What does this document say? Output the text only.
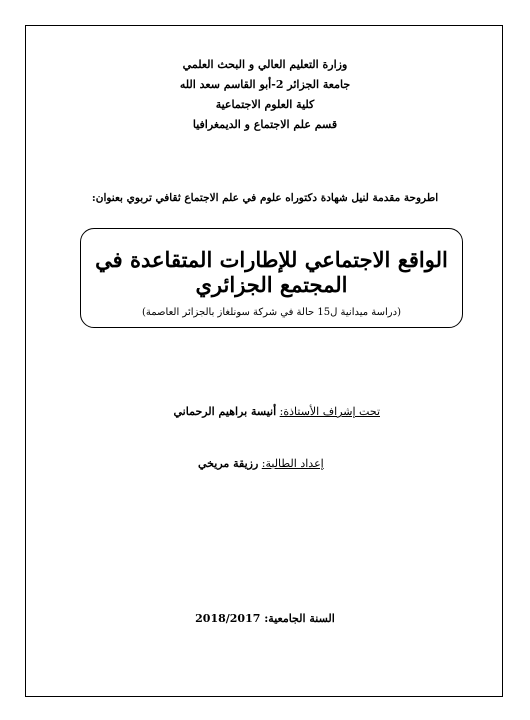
وزارة التعليم العالي و البحث العلمي
جامعة الجزائر 2-أبو القاسم سعد الله
كلية العلوم الاجتماعية
قسم علم الاجتماع و الديمغرافيا
اطروحة مقدمة لنيل شهادة دكتوراه علوم في علم الاجتماع ثقافي تربوي بعنوان:
الواقع الاجتماعي للإطارات المتقاعدة في المجتمع الجزائري
(دراسة ميدانية ل15 حالة في شركة سونلغاز بالجزائر العاصمة)
تحت إشراف الأستاذة: أنيسة براهيم الرحماني
إعداد الطالبة: رزيقة مريخي
السنة الجامعية: 2018/2017
